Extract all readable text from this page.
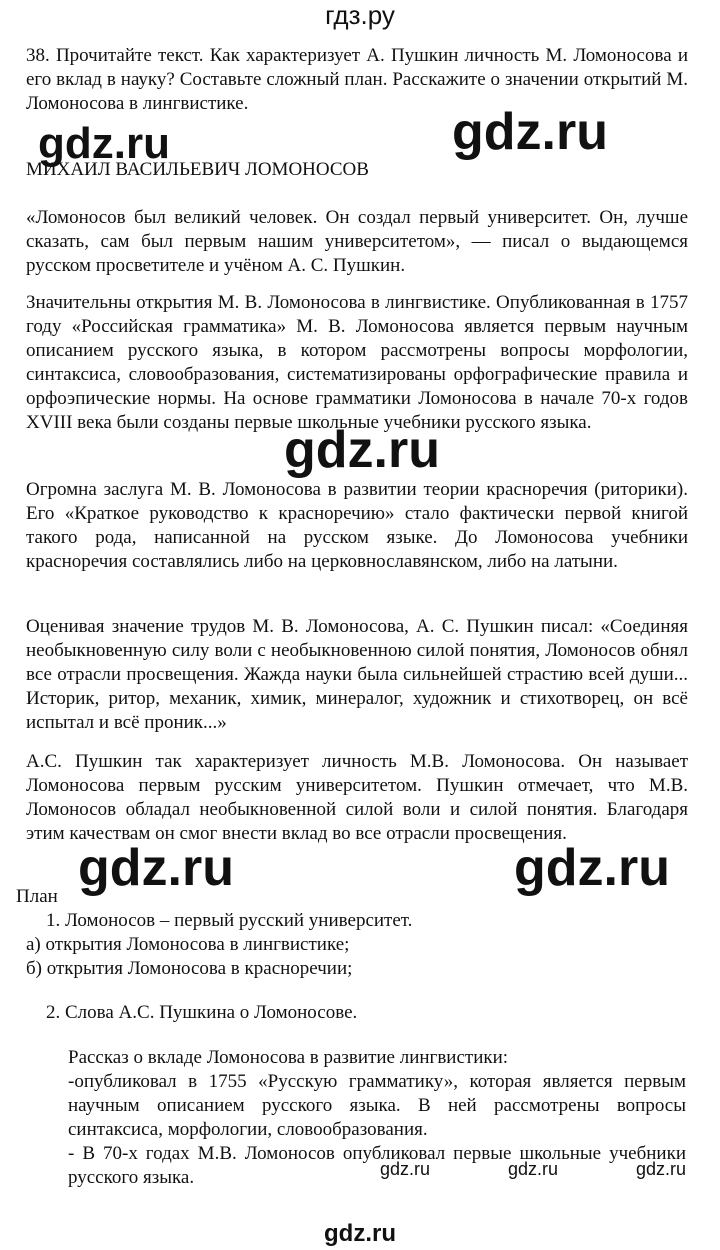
гдз.ру
38. Прочитайте текст. Как характеризует А. Пушкин личность М. Ломоносова и его вклад в науку? Составьте сложный план. Расскажите о значении открытий М. Ломоносова в лингвистике.
gdz.ru	gdz.ru
МИХАИЛ ВАСИЛЬЕВИЧ ЛОМОНОСОВ
«Ломоносов был великий человек. Он создал первый университет. Он, лучше сказать, сам был первым нашим университетом», — писал о выдающемся русском просветителе и учёном А. С. Пушкин.
Значительны открытия М. В. Ломоносова в лингвистике. Опубликованная в 1757 году «Российская грамматика» М. В. Ломоносова является первым научным описанием русского языка, в котором рассмотрены вопросы морфологии, синтаксиса, словообразования, систематизированы орфографические правила и орфоэпические нормы. На основе грамматики Ломоносова в начале 70-х годов XVIII века были созданы первые школьные учебники русского языка.
gdz.ru
Огромна заслуга М. В. Ломоносова в развитии теории красноречия (риторики). Его «Краткое руководство к красноречию» стало фактически первой книгой такого рода, написанной на русском языке. До Ломоносова учебники красноречия составлялись либо на церковнославянском, либо на латыни.
Оценивая значение трудов М. В. Ломоносова, А. С. Пушкин писал: «Соединяя необыкновенную силу воли с необыкновенною силой понятия, Ломоносов обнял все отрасли просвещения. Жажда науки была сильнейшей страстию всей души... Историк, ритор, механик, химик, минералог, художник и стихотворец, он всё испытал и всё проник...»
А.С. Пушкин так характеризует личность М.В. Ломоносова. Он называет Ломоносова первым русским университетом. Пушкин отмечает, что М.В. Ломоносов обладал необыкновенной силой воли и силой понятия. Благодаря этим качествам он смог внести вклад во все отрасли просвещения.
gdz.ru	gdz.ru
План
1. Ломоносов – первый русский университет.
а) открытия Ломоносова в лингвистике;
б) открытия Ломоносова в красноречии;
2. Слова А.С. Пушкина о Ломоносове.
Рассказ о вкладе Ломоносова в развитие лингвистики:
-опубликовал в 1755 «Русскую грамматику», которая является первым научным описанием русского языка. В ней рассмотрены вопросы синтаксиса, морфологии, словообразования.
- В 70-х годах М.В. Ломоносов опубликовал первые школьные учебники русского языка.	gdz.ru	gdz.ru	gdz.ru
gdz.ru
